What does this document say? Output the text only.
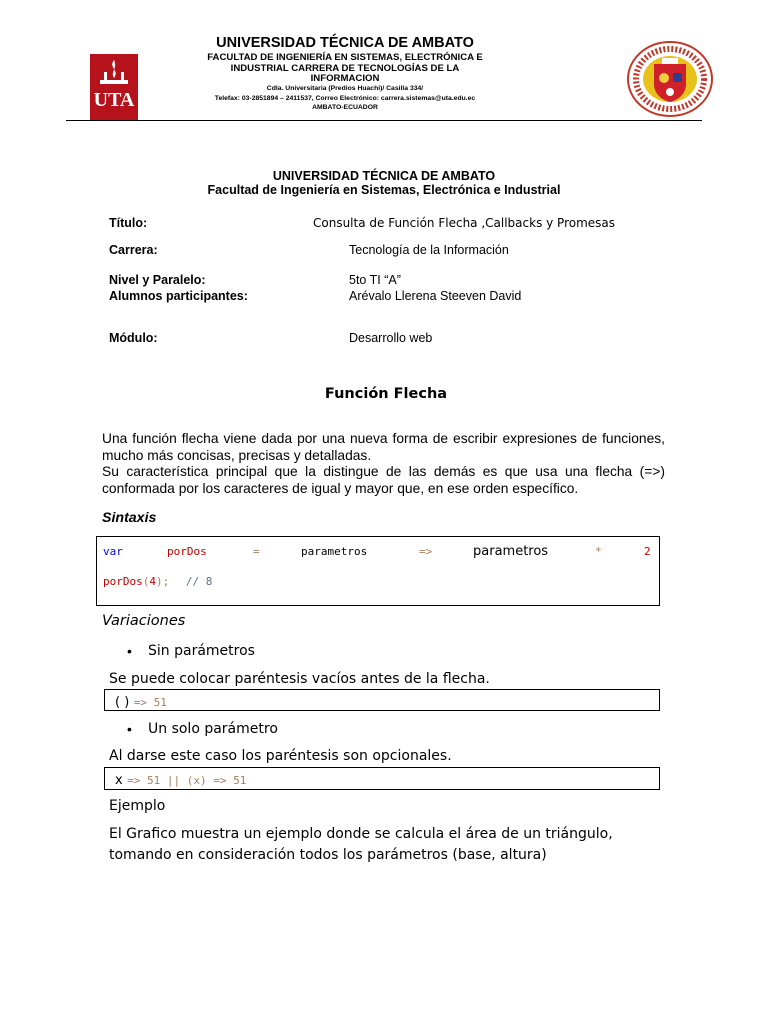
UTA
UNIVERSIDAD TÉCNICA DE AMBATO
FACULTAD DE INGENIERÍA EN SISTEMAS, ELECTRÓNICA E
INDUSTRIAL CARRERA DE TECNOLOGÍAS DE LA
INFORMACION
Cdla. Universitaria (Predios Huachi)/ Casilla 334/
Telefax: 03-2851894 – 2411537, Correo Electrónico: carrera.sistemas@uta.edu.ec
AMBATO-ECUADOR
UNIVERSIDAD TÉCNICA DE AMBATO
Facultad de Ingeniería en Sistemas, Electrónica e Industrial
Título:	Consulta de Función Flecha ,Callbacks y Promesas
Carrera:	Tecnología de la Información
Nivel y Paralelo:	5to TI “A”
Alumnos participantes:	Arévalo Llerena Steeven David
Módulo:	Desarrollo web
Función Flecha
Una función flecha viene dada por una nueva forma de escribir expresiones de funciones, mucho más concisas, precisas y detalladas.
Su característica principal que la distingue de las demás es que usa una flecha (=>) conformada por los caracteres de igual y mayor que, en ese orden específico.
Sintaxis
var	porDos	=	parametros	=>	parametros	*	2
porDos(4); // 8
Variaciones
• Sin parámetros
Se puede colocar paréntesis vacíos antes de la flecha.
( ) => 51
• Un solo parámetro
Al darse este caso los paréntesis son opcionales.
x => 51 || (x) => 51
Ejemplo
El Grafico muestra un ejemplo donde se calcula el área de un triángulo,
tomando en consideración todos los parámetros (base, altura)
